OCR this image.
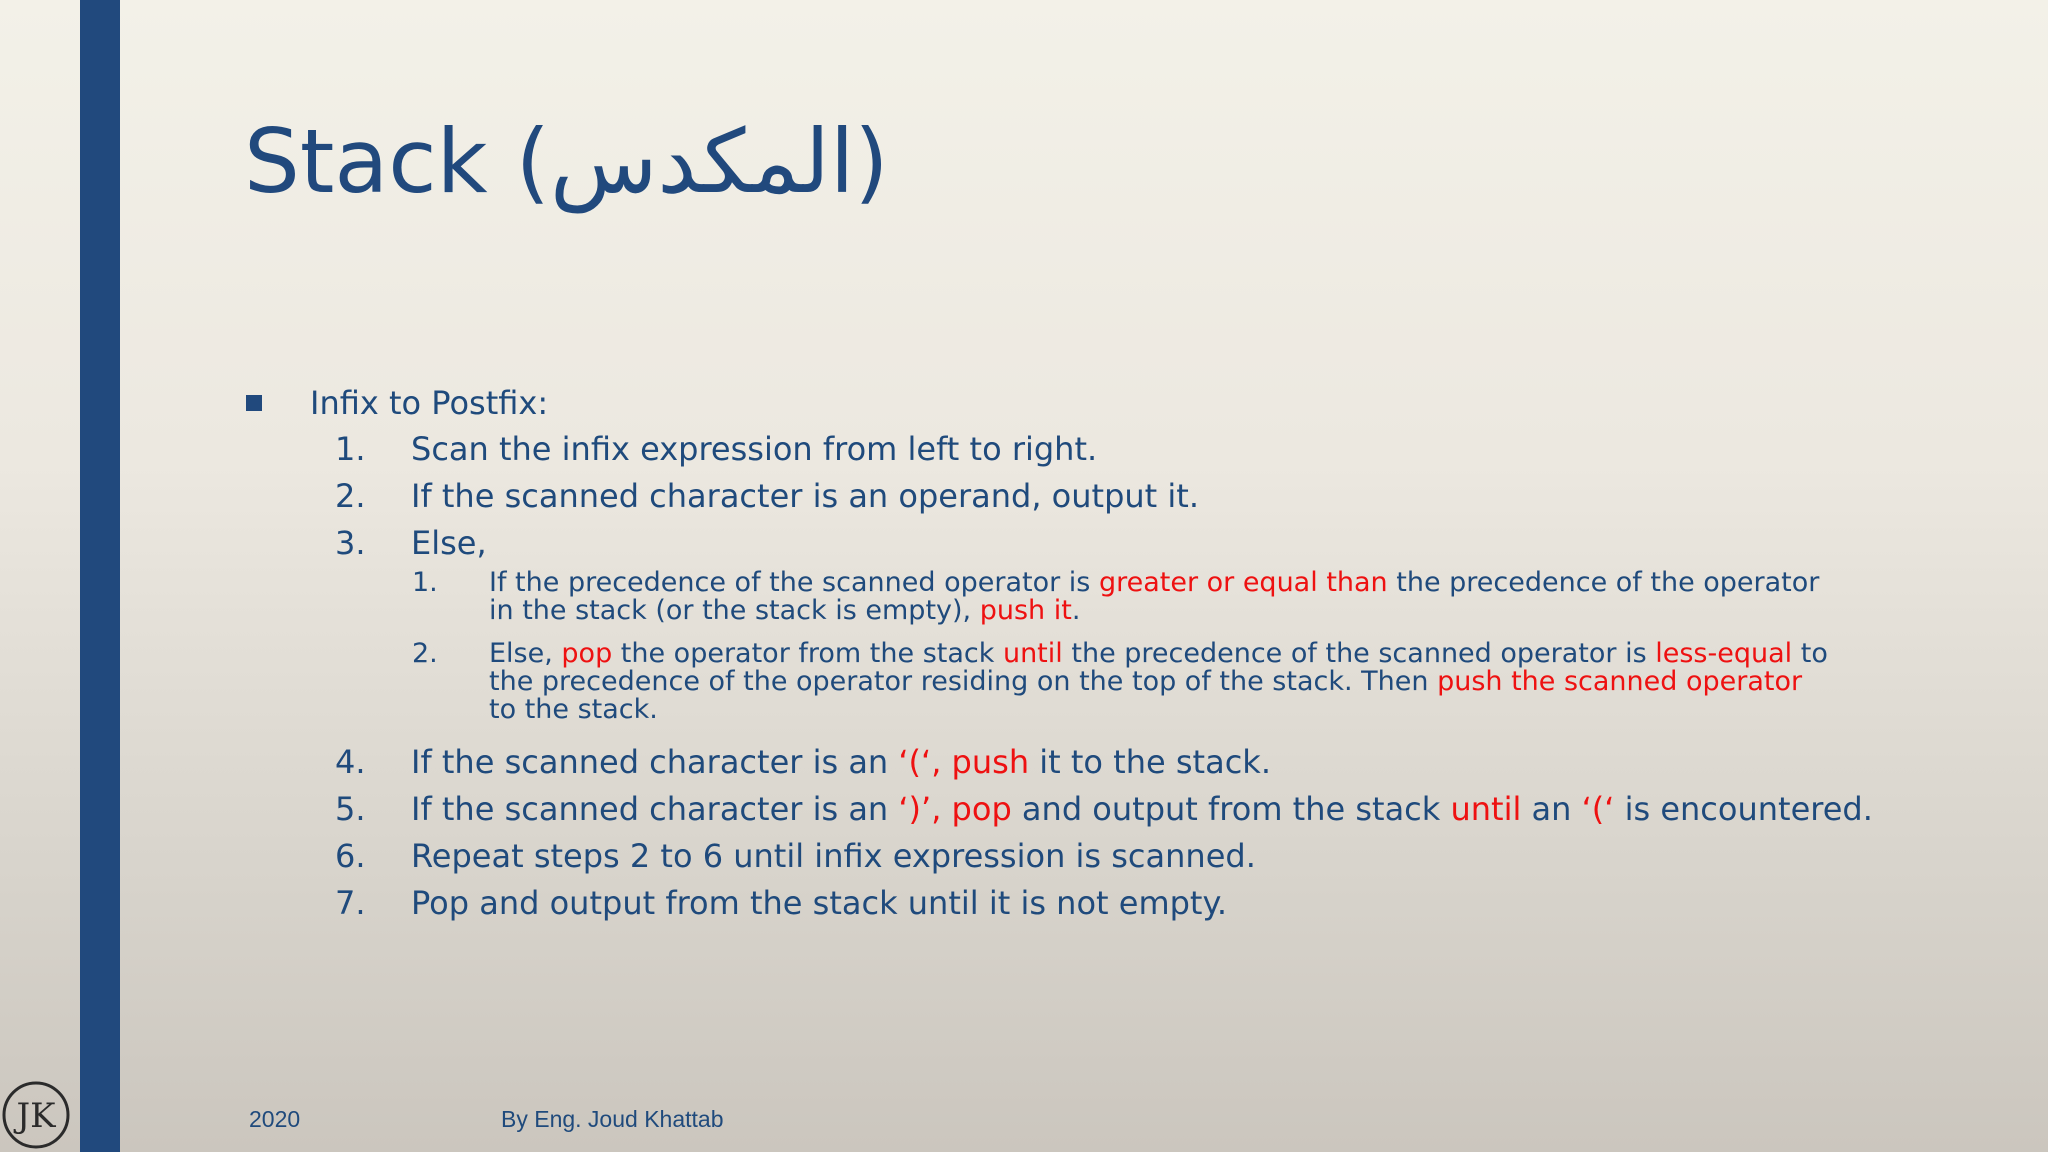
Stack (المكدس)
Infix to Postfix:
1.	Scan the infix expression from left to right.
2.	If the scanned character is an operand, output it.
3.	Else,
1.	If the precedence of the scanned operator is greater or equal than the precedence of the operator in the stack (or the stack is empty), push it.
2.	Else, pop the operator from the stack until the precedence of the scanned operator is less-equal to the precedence of the operator residing on the top of the stack. Then push the scanned operator to the stack.
4.	If the scanned character is an ‘(‘, push it to the stack.
5.	If the scanned character is an ‘)’, pop and output from the stack until an ‘(‘ is encountered.
6.	Repeat steps 2 to 6 until infix expression is scanned.
7.	Pop and output from the stack until it is not empty.
2020	By Eng. Joud Khattab
JK
